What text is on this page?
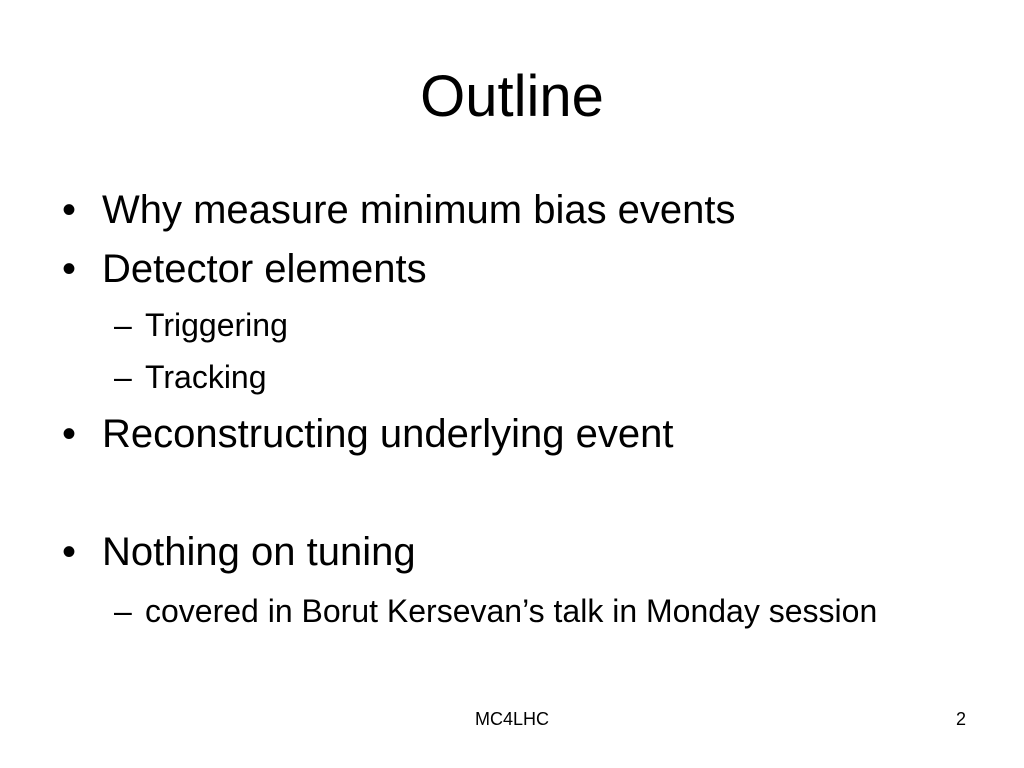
Outline
• Why measure minimum bias events
• Detector elements
– Triggering
– Tracking
• Reconstructing underlying event
• Nothing on tuning
– covered in Borut Kersevan’s talk in Monday session
MC4LHC	2
